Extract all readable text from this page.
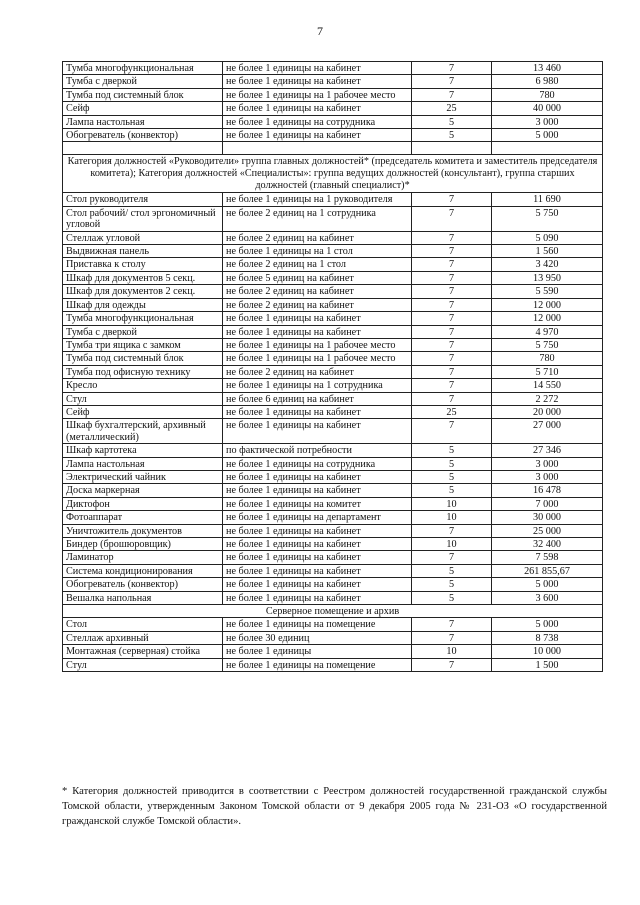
7
Тумба многофункциональная	не более 1 единицы на кабинет	7	13 460
Тумба с дверкой	не более 1 единицы на кабинет	7	6 980
Тумба под системный блок	не более 1 единицы на 1 рабочее место	7	780
Сейф	не более 1 единицы на кабинет	25	40 000
Лампа настольная	не более 1 единицы на сотрудника	5	3 000
Обогреватель (конвектор)	не более 1 единицы на кабинет	5	5 000

Категория должностей «Руководители» группа главных должностей* (председатель комитета и заместитель председателя комитета); Категория должностей «Специалисты»: группа ведущих должностей (консультант), группа старших должностей (главный специалист)*			
Стол руководителя	не более 1 единицы на 1 руководителя	7	11 690
Стол рабочий/ стол эргономичный угловой	не более 2 единиц на 1 сотрудника	7	5 750
Стеллаж угловой	не более 2 единиц на кабинет	7	5 090
Выдвижная панель	не более 1 единицы на 1 стол	7	1 560
Приставка к столу	не более 2 единиц на 1 стол	7	3 420
Шкаф для документов 5 секц.	не более 5 единиц на кабинет	7	13 950
Шкаф для документов 2 секц.	не более 2 единиц на кабинет	7	5 590
Шкаф для одежды	не более 2 единиц на кабинет	7	12 000
Тумба многофункциональная	не более 1 единицы на кабинет	7	12 000
Тумба с дверкой	не более 1 единицы на кабинет	7	4 970
Тумба три ящика с замком	не более 1 единицы на 1 рабочее место	7	5 750
Тумба под системный блок	не более 1 единицы на 1 рабочее место	7	780
Тумба под офисную технику	не более 2 единиц на кабинет	7	5 710
Кресло	не более 1 единицы на 1 сотрудника	7	14 550
Стул	не более 6 единиц на кабинет	7	2 272
Сейф	не более 1 единицы на кабинет	25	20 000
Шкаф бухгалтерский, архивный (металлический)	не более 1 единицы на кабинет	7	27 000
Шкаф картотека	по фактической потребности	5	27 346
Лампа настольная	не более 1 единицы на сотрудника	5	3 000
Электрический чайник	не более 1 единицы на кабинет	5	3 000
Доска маркерная	не более 1 единицы на кабинет	5	16 478
Диктофон	не более 1 единицы на комитет	10	7 000
Фотоаппарат	не более 1 единицы на департамент	10	30 000
Уничтожитель документов	не более 1 единицы на кабинет	7	25 000
Биндер (брошюровщик)	не более 1 единицы на кабинет	10	32 400
Ламинатор	не более 1 единицы на кабинет	7	7 598
Система кондиционирования	не более 1 единицы на кабинет	5	261 855,67
Обогреватель (конвектор)	не более 1 единицы на кабинет	5	5 000
Вешалка напольная	не более 1 единицы на кабинет	5	3 600
Серверное помещение и архив			
Стол	не более 1 единицы на помещение	7	5 000
Стеллаж архивный	не более 30 единиц	7	8 738
Монтажная (серверная) стойка	не более 1 единицы	10	10 000
Стул	не более 1 единицы на помещение	7	1 500
* Категория должностей приводится в соответствии с Реестром должностей государственной гражданской службы Томской области, утвержденным Законом Томской области от 9 декабря 2005 года № 231-ОЗ «О государственной гражданской службе Томской области».
